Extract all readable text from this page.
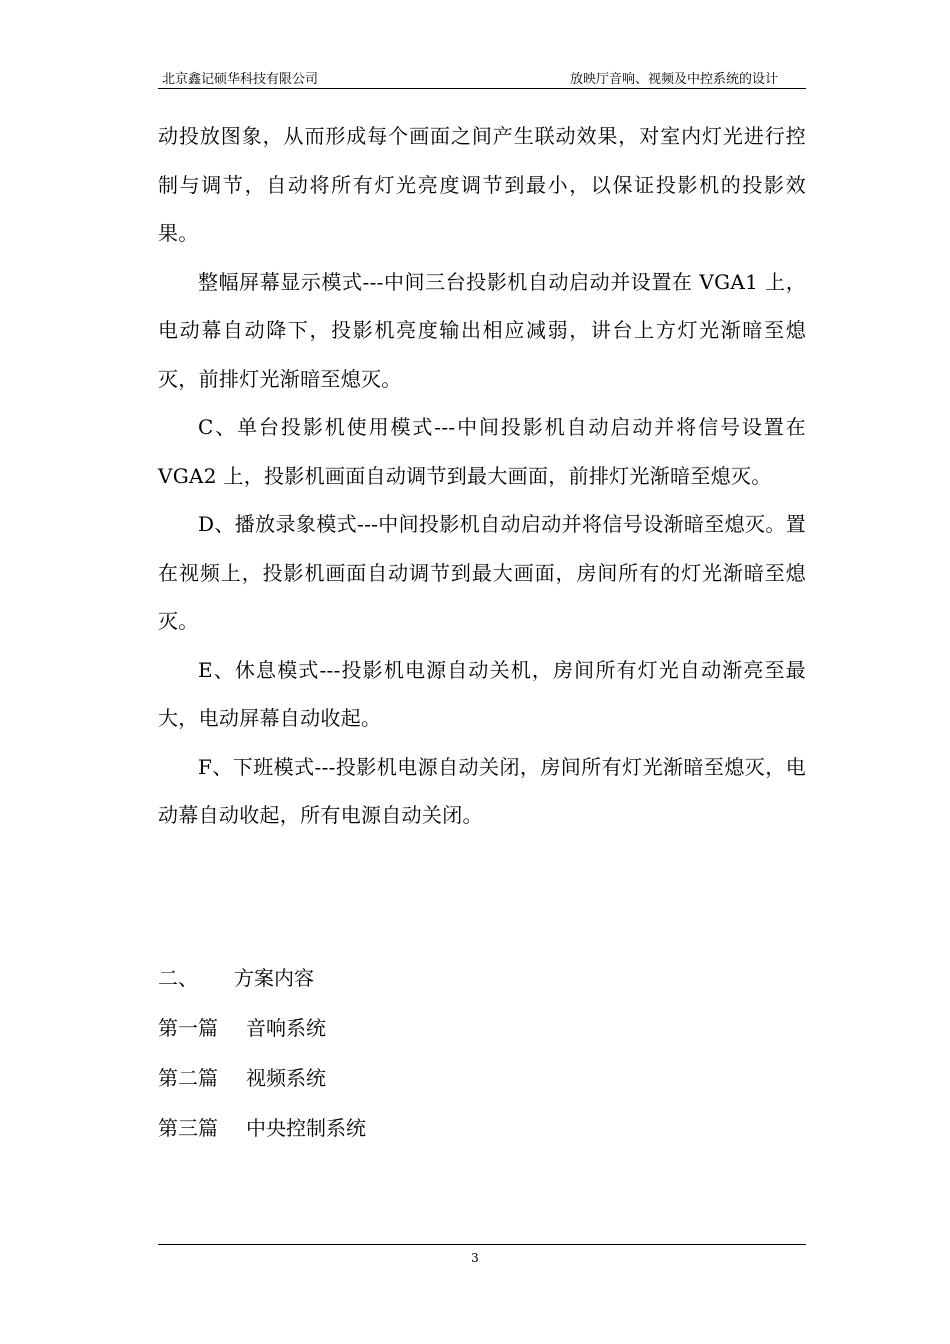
北京鑫记硕华科技有限公司	放映厅音响、视频及中控系统的设计

动投放图象，从而形成每个画面之间产生联动效果，对室内灯光进行控制与调节，自动将所有灯光亮度调节到最小，以保证投影机的投影效果。

整幅屏幕显示模式---中间三台投影机自动启动并设置在 VGA1 上，电动幕自动降下，投影机亮度输出相应减弱，讲台上方灯光渐暗至熄灭，前排灯光渐暗至熄灭。

C、单台投影机使用模式---中间投影机自动启动并将信号设置在 VGA2 上，投影机画面自动调节到最大画面，前排灯光渐暗至熄灭。

D、播放录象模式---中间投影机自动启动并将信号设渐暗至熄灭。置在视频上，投影机画面自动调节到最大画面，房间所有的灯光渐暗至熄灭。

E、休息模式---投影机电源自动关机，房间所有灯光自动渐亮至最大，电动屏幕自动收起。

F、下班模式---投影机电源自动关闭，房间所有灯光渐暗至熄灭，电动幕自动收起，所有电源自动关闭。

二、 方案内容
第一篇 音响系统
第二篇 视频系统
第三篇 中央控制系统
3
